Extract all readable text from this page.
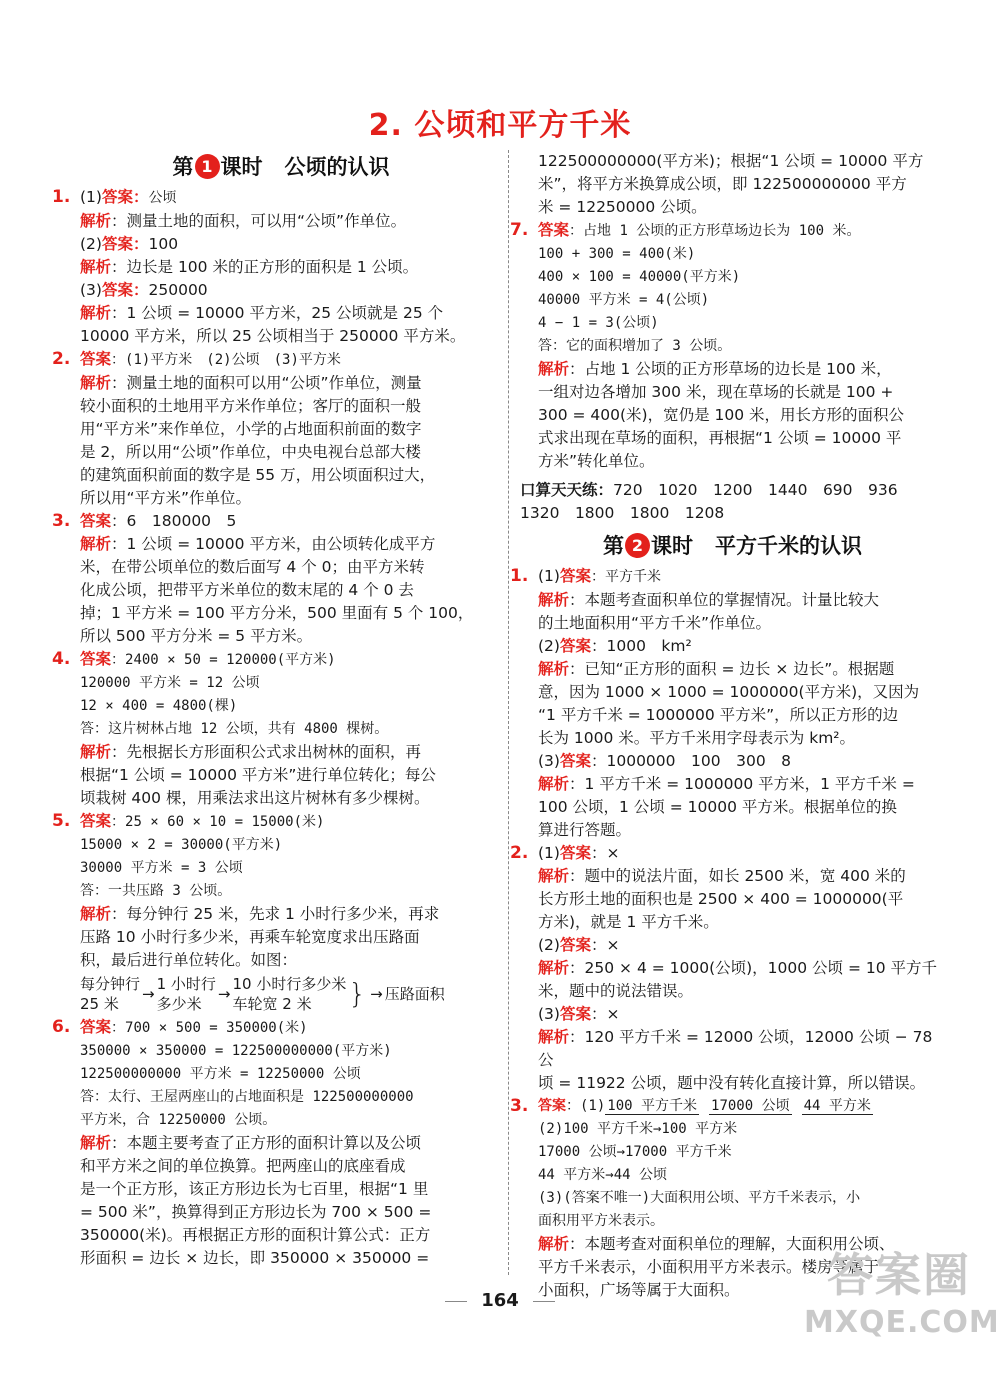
2. 公顷和平方千米
第 1 课时 公顷的认识
1. (1)答案：公顷
解析：测量土地的面积，可以用“公顷”作单位。
(2)答案：100
解析：边长是 100 米的正方形的面积是 1 公顷。
(3)答案：250000
解析：1 公顷 = 10000 平方米，25 公顷就是 25 个
10000 平方米，所以 25 公顷相当于 250000 平方米。
2. 答案：(1)平方米　(2)公顷　(3)平方米
解析：测量土地的面积可以用“公顷”作单位，测量
较小面积的土地用平方米作单位；客厅的面积一般
用“平方米”来作单位，小学的占地面积前面的数字
是 2，所以用“公顷”作单位，中央电视台总部大楼
的建筑面积前面的数字是 55 万，用公顷面积过大，
所以用“平方米”作单位。
3. 答案：6　180000　5
解析：1 公顷 = 10000 平方米，由公顷转化成平方
米，在带公顷单位的数后面写 4 个 0；由平方米转
化成公顷，把带平方米单位的数末尾的 4 个 0 去
掉；1 平方米 = 100 平方分米，500 里面有 5 个 100，
所以 500 平方分米 = 5 平方米。
4. 答案：2400 × 50 = 120000(平方米)
120000 平方米 = 12 公顷
12 × 400 = 4800(棵)
答：这片树林占地 12 公顷，共有 4800 棵树。
解析：先根据长方形面积公式求出树林的面积，再
根据“1 公顷 = 10000 平方米”进行单位转化；每公
顷栽树 400 棵，用乘法求出这片树林有多少棵树。
5. 答案：25 × 60 × 10 = 15000(米)
15000 × 2 = 30000(平方米)
30000 平方米 = 3 公顷
答：一共压路 3 公顷。
解析：每分钟行 25 米，先求 1 小时行多少米，再求
压路 10 小时行多少米，再乘车轮宽度求出压路面
积，最后进行单位转化。如图：
每分钟行
25 米
→
1 小时行
多少米
→
10 小时行多少米
车轮宽 2 米	} → 压路面积
6. 答案：700 × 500 = 350000(米)
350000 × 350000 = 122500000000(平方米)
122500000000 平方米 = 12250000 公顷
答：太行、王屋两座山的占地面积是 122500000000
平方米，合 12250000 公顷。
解析：本题主要考查了正方形的面积计算以及公顷
和平方米之间的单位换算。把两座山的底座看成
是一个正方形，该正方形边长为七百里，根据“1 里
= 500 米”，换算得到正方形边长为 700 × 500 =
350000(米)。再根据正方形的面积计算公式：正方
形面积 = 边长 × 边长，即 350000 × 350000 =
122500000000(平方米)；根据“1 公顷 = 10000 平方
米”，将平方米换算成公顷，即 122500000000 平方
米 = 12250000 公顷。
7. 答案：占地 1 公顷的正方形草场边长为 100 米。
100 + 300 = 400(米)
400 × 100 = 40000(平方米)
40000 平方米 = 4(公顷)
4 − 1 = 3(公顷)
答：它的面积增加了 3 公顷。
解析：占地 1 公顷的正方形草场的边长是 100 米，
一组对边各增加 300 米，现在草场的长就是 100 +
300 = 400(米)，宽仍是 100 米，用长方形的面积公
式求出现在草场的面积，再根据“1 公顷 = 10000 平
方米”转化单位。
口算天天练：720　1020　1200　1440　690　936
1320　1800　1800　1208
第 2 课时 平方千米的认识
1. (1)答案：平方千米
解析：本题考查面积单位的掌握情况。计量比较大
的土地面积用“平方千米”作单位。
(2)答案：1000　km²
解析：已知“正方形的面积 = 边长 × 边长”。根据题
意，因为 1000 × 1000 = 1000000(平方米)，又因为
“1 平方千米 = 1000000 平方米”，所以正方形的边
长为 1000 米。平方千米用字母表示为 km²。
(3)答案：1000000　100　300　8
解析：1 平方千米 = 1000000 平方米，1 平方千米 =
100 公顷，1 公顷 = 10000 平方米。根据单位的换
算进行答题。
2. (1)答案：×
解析：题中的说法片面，如长 2500 米，宽 400 米的
长方形土地的面积也是 2500 × 400 = 1000000(平
方米)，就是 1 平方千米。
(2)答案：×
解析：250 × 4 = 1000(公顷)，1000 公顷 = 10 平方千
米，题中的说法错误。
(3)答案：×
解析：120 平方千米 = 12000 公顷，12000 公顷 − 78 公
顷 = 11922 公顷，题中没有转化直接计算，所以错误。
3. 答案：(1) 100 平方千米 17000 公顷 44 平方米
(2)100 平方千米→100 平方米
17000 公顷→17000 平方千米
44 平方米→44 公顷
(3)(答案不唯一)大面积用公顷、平方千米表示，小
面积用平方米表示。
解析：本题考查对面积单位的理解，大面积用公顷、
平方千米表示，小面积用平方米表示。楼房等属于
小面积，广场等属于大面积。
164	答案圈
MXQE.COM
